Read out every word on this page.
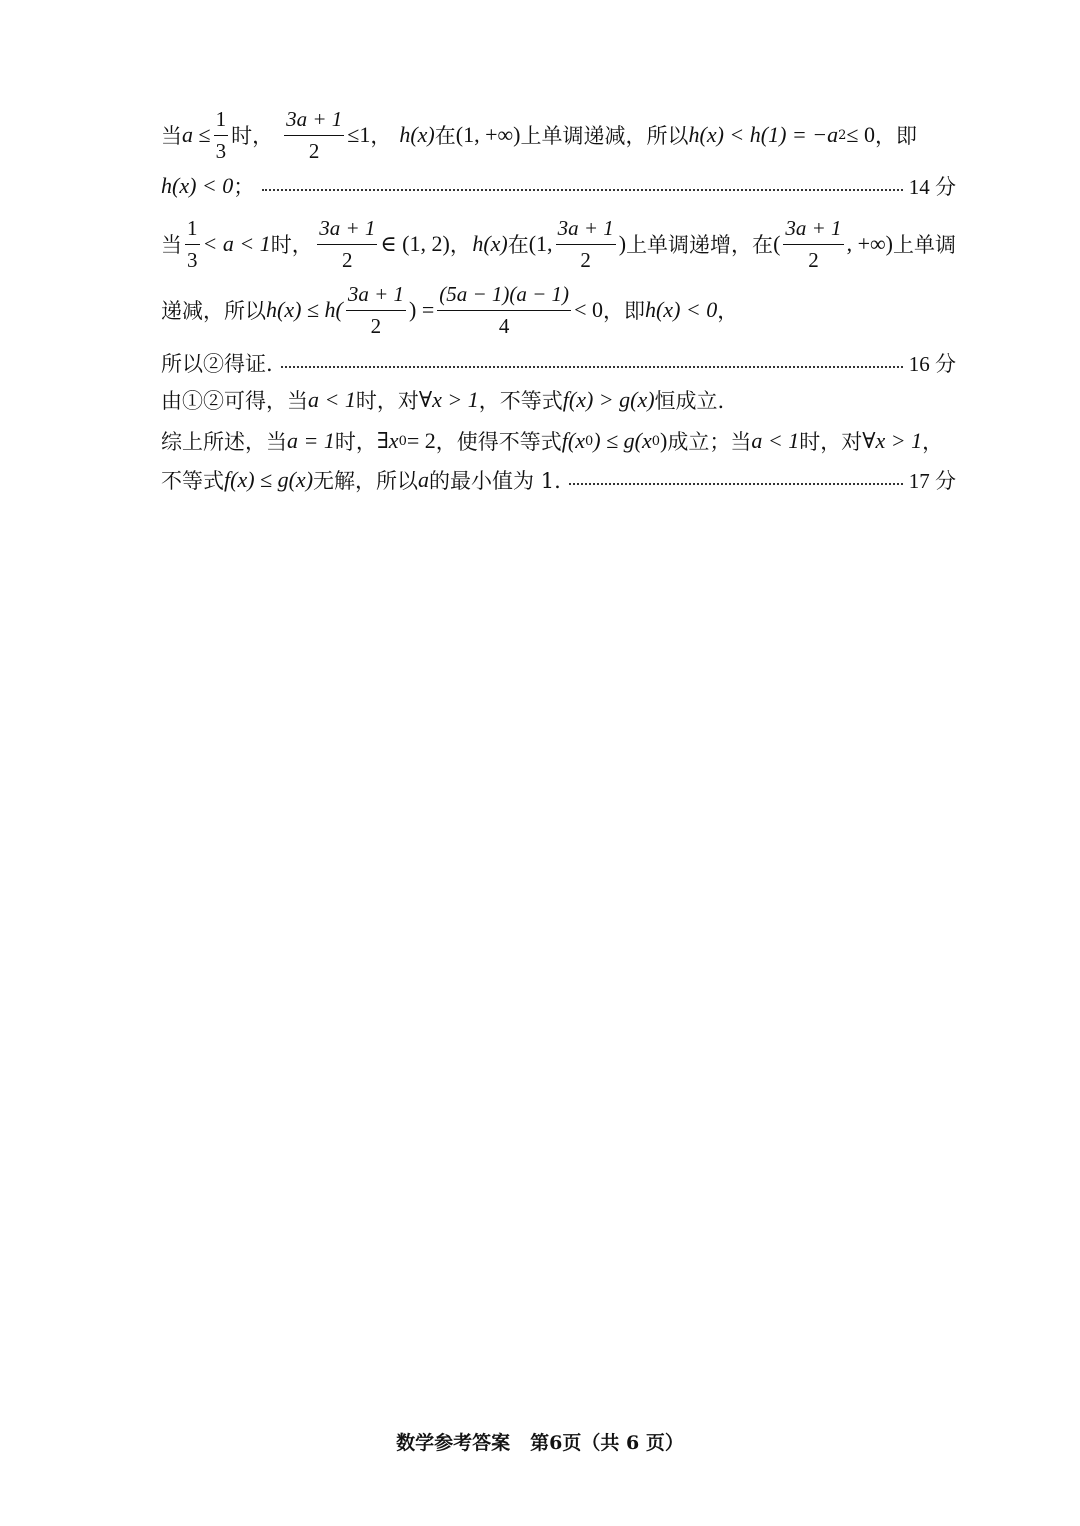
当 $a \le \frac{1}{3}$ 时， $\frac{3a + 1}{2} \le 1$ ， h(x) 在 (1, +∞) 上单调递减，所以 h(x) < h(1) = −a 2 ≤ 0 ，即
h(x) < 0 ；	14 分
当 $\frac{1}{3} < a < 1$ 时， $\frac{3a + 1}{2}$ ∈ (1, 2) ， h(x) 在 (1, $\frac{3a + 1}{2}$ ) 上单调递增，在 ( $\frac{3a + 1}{2}$ , +∞) 上单调
递减，所以 $h(x) \le h( \frac{3a + 1}{2}$ ) = $\frac{(5a - 1)(a - 1)}{4} < 0$ ，即 h(x) < 0 ，
所以②得证.	16 分
由①②可得，当 a < 1 时，对 ∀x > 1 ，不等式 f(x) > g(x) 恒成立.
综上所述，当 a = 1 时， ∃x 0 = 2 ，使得不等式 f(x 0 ) ≤ g(x 0 ) 成立；当 a < 1 时，对 ∀x > 1 ，
不等式 f(x) ≤ g(x) 无解，所以 a 的最小值为 1.	17 分
数学参考答案 第6页（共 6 页）
